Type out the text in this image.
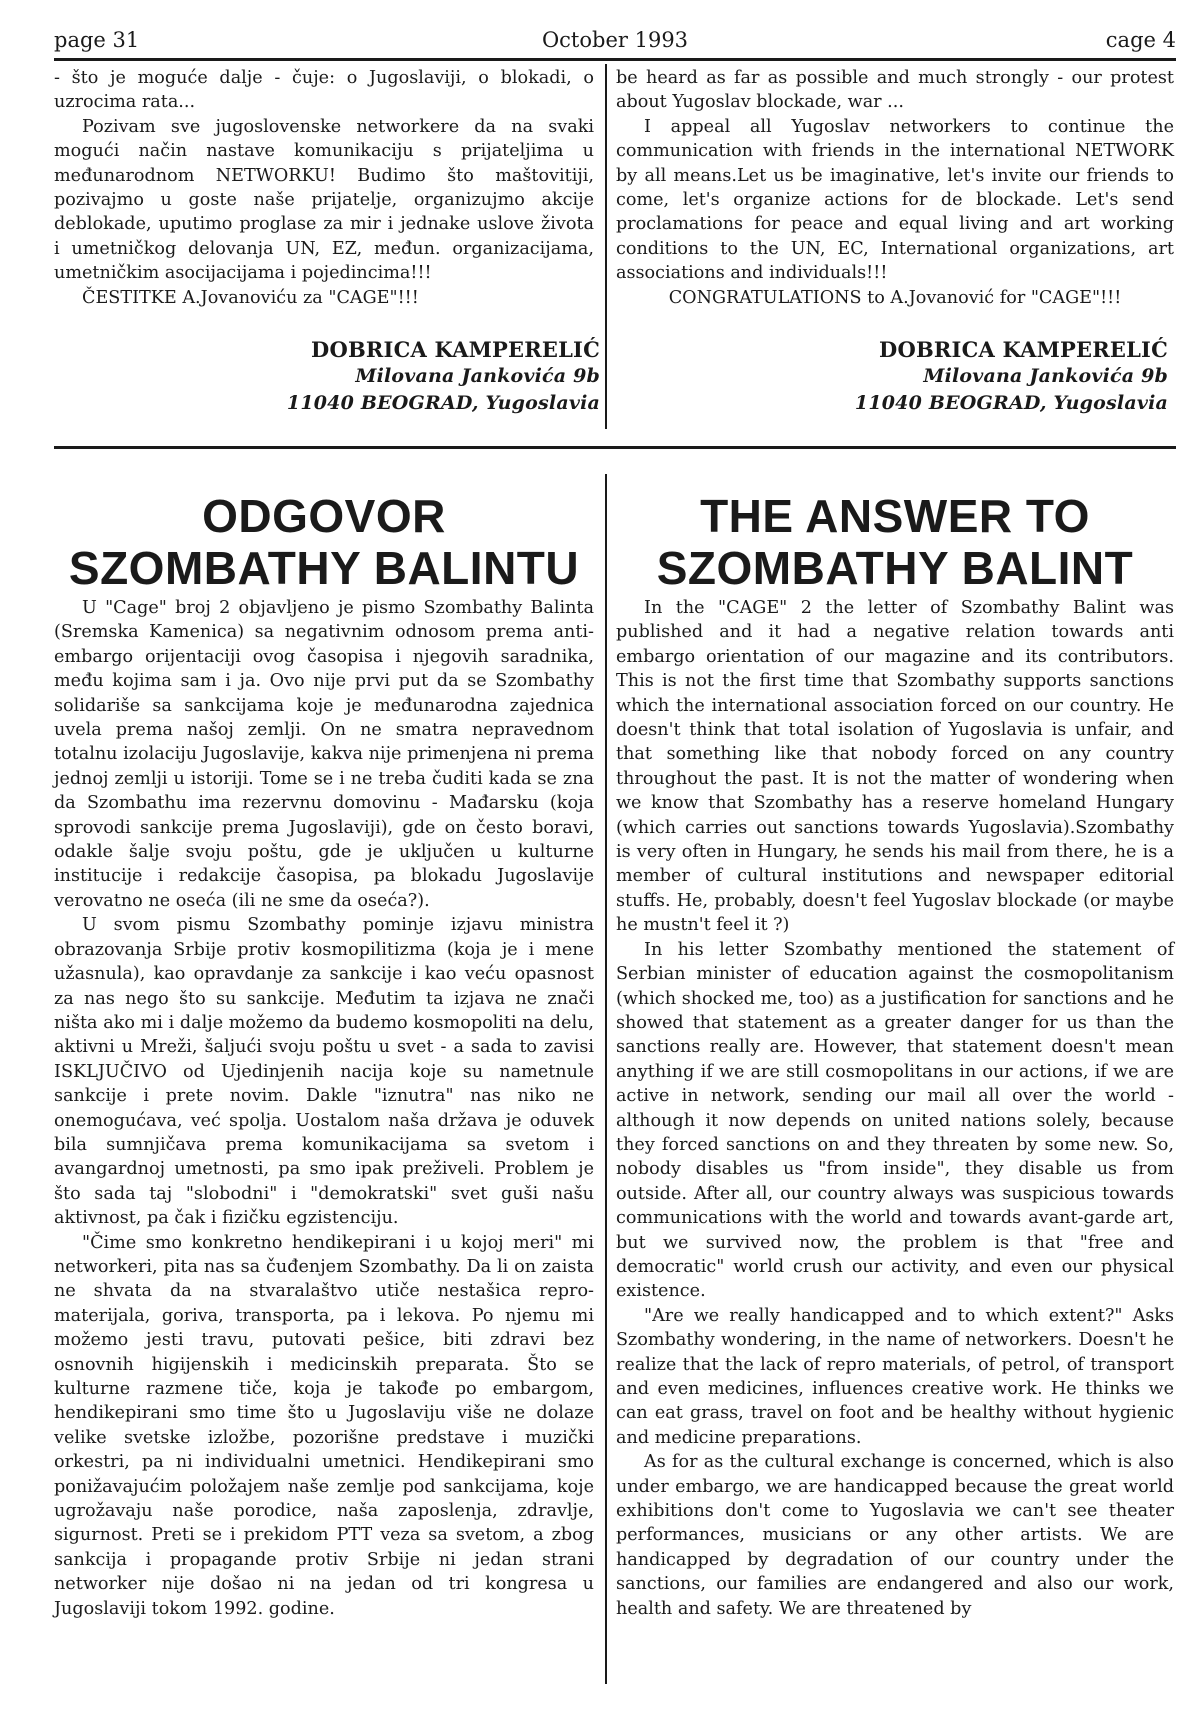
page 31	October 1993	cage 4

- što je moguće dalje - čuje: o Jugoslaviji, o blokadi, o uzrocima rata...

Pozivam sve jugoslovenske networkere da na svaki mogući način nastave komunikaciju s prijateljima u međunarodnom NETWORKU! Budimo što maštovitiji, pozivajmo u goste naše prijatelje, organizujmo akcije deblokade, uputimo proglase za mir i jednake uslove života i umetničkog delovanja UN, EZ, međun. organizacijama, umetničkim asocijacijama i pojedincima!!!

ČESTITKE A.Jovanoviću za "CAGE"!!!

DOBRICA KAMPERELIĆ
Milovana Jankovića 9b
11040 BEOGRAD, Yugoslavia

be heard as far as possible and much strongly - our protest about Yugoslav blockade, war ...

I appeal all Yugoslav networkers to continue the communication with friends in the international NETWORK by all means.Let us be imaginative, let's invite our friends to come, let's organize actions for de blockade. Let's send proclamations for peace and equal living and art working conditions to the UN, EC, International organizations, art associations and individuals!!!

CONGRATULATIONS to A.Jovanović for "CAGE"!!!

DOBRICA KAMPERELIĆ
Milovana Jankovića 9b
11040 BEOGRAD, Yugoslavia
ODGOVOR
SZOMBATHY BALINTU

U "Cage" broj 2 objavljeno je pismo Szombathy Balinta (Sremska Kamenica) sa negativnim odnosom prema anti-embargo orijentaciji ovog časopisa i njegovih saradnika, među kojima sam i ja. Ovo nije prvi put da se Szombathy solidariše sa sankcijama koje je međunarodna zajednica uvela prema našoj zemlji. On ne smatra nepravednom totalnu izolaciju Jugoslavije, kakva nije primenjena ni prema jednoj zemlji u istoriji. Tome se i ne treba čuditi kada se zna da Szombathu ima rezervnu domovinu - Mađarsku (koja sprovodi sankcije prema Jugoslaviji), gde on često boravi, odakle šalje svoju poštu, gde je uključen u kulturne institucije i redakcije časopisa, pa blokadu Jugoslavije verovatno ne oseća (ili ne sme da oseća?).

U svom pismu Szombathy pominje izjavu ministra obrazovanja Srbije protiv kosmopilitizma (koja je i mene užasnula), kao opravdanje za sankcije i kao veću opasnost za nas nego što su sankcije. Međutim ta izjava ne znači ništa ako mi i dalje možemo da budemo kosmopoliti na delu, aktivni u Mreži, šaljući svoju poštu u svet - a sada to zavisi ISKLJUČIVO od Ujedinjenih nacija koje su nametnule sankcije i prete novim. Dakle "iznutra" nas niko ne onemogućava, već spolja. Uostalom naša država je oduvek bila sumnjičava prema komunikacijama sa svetom i avangardnoj umetnosti, pa smo ipak preživeli. Problem je što sada taj "slobodni" i "demokratski" svet guši našu aktivnost, pa čak i fizičku egzistenciju.

"Čime smo konkretno hendikepirani i u kojoj meri" mi networkeri, pita nas sa čuđenjem Szombathy. Da li on zaista ne shvata da na stvaralaštvo utiče nestašica repro-materijala, goriva, transporta, pa i lekova. Po njemu mi možemo jesti travu, putovati pešice, biti zdravi bez osnovnih higijenskih i medicinskih preparata. Što se kulturne razmene tiče, koja je takođe po embargom, hendikepirani smo time što u Jugoslaviju više ne dolaze velike svetske izložbe, pozorišne predstave i muzički orkestri, pa ni individualni umetnici. Hendikepirani smo ponižavajućim položajem naše zemlje pod sankcijama, koje ugrožavaju naše porodice, naša zaposlenja, zdravlje, sigurnost. Preti se i prekidom PTT veza sa svetom, a zbog sankcija i propagande protiv Srbije ni jedan strani networker nije došao ni na jedan od tri kongresa u Jugoslaviji tokom 1992. godine.

THE ANSWER TO
SZOMBATHY BALINT

In the "CAGE" 2 the letter of Szombathy Balint was published and it had a negative relation towards anti embargo orientation of our magazine and its contributors. This is not the first time that Szombathy supports sanctions which the international association forced on our country. He doesn't think that total isolation of Yugoslavia is unfair, and that something like that nobody forced on any country throughout the past. It is not the matter of wondering when we know that Szombathy has a reserve homeland Hungary (which carries out sanctions towards Yugoslavia).Szombathy is very often in Hungary, he sends his mail from there, he is a member of cultural institutions and newspaper editorial stuffs. He, probably, doesn't feel Yugoslav blockade (or maybe he mustn't feel it ?)

In his letter Szombathy mentioned the statement of Serbian minister of education against the cosmopolitanism (which shocked me, too) as a justification for sanctions and he showed that statement as a greater danger for us than the sanctions really are. However, that statement doesn't mean anything if we are still cosmopolitans in our actions, if we are active in network, sending our mail all over the world - although it now depends on united nations solely, because they forced sanctions on and they threaten by some new. So, nobody disables us "from inside", they disable us from outside. After all, our country always was suspicious towards communications with the world and towards avant-garde art, but we survived now, the problem is that "free and democratic" world crush our activity, and even our physical existence.

"Are we really handicapped and to which extent?" Asks Szombathy wondering, in the name of networkers. Doesn't he realize that the lack of repro materials, of petrol, of transport and even medicines, influences creative work. He thinks we can eat grass, travel on foot and be healthy without hygienic and medicine preparations.

As for as the cultural exchange is concerned, which is also under embargo, we are handicapped because the great world exhibitions don't come to Yugoslavia we can't see theater performances, musicians or any other artists. We are handicapped by degradation of our country under the sanctions, our families are endangered and also our work, health and safety. We are threatened by
